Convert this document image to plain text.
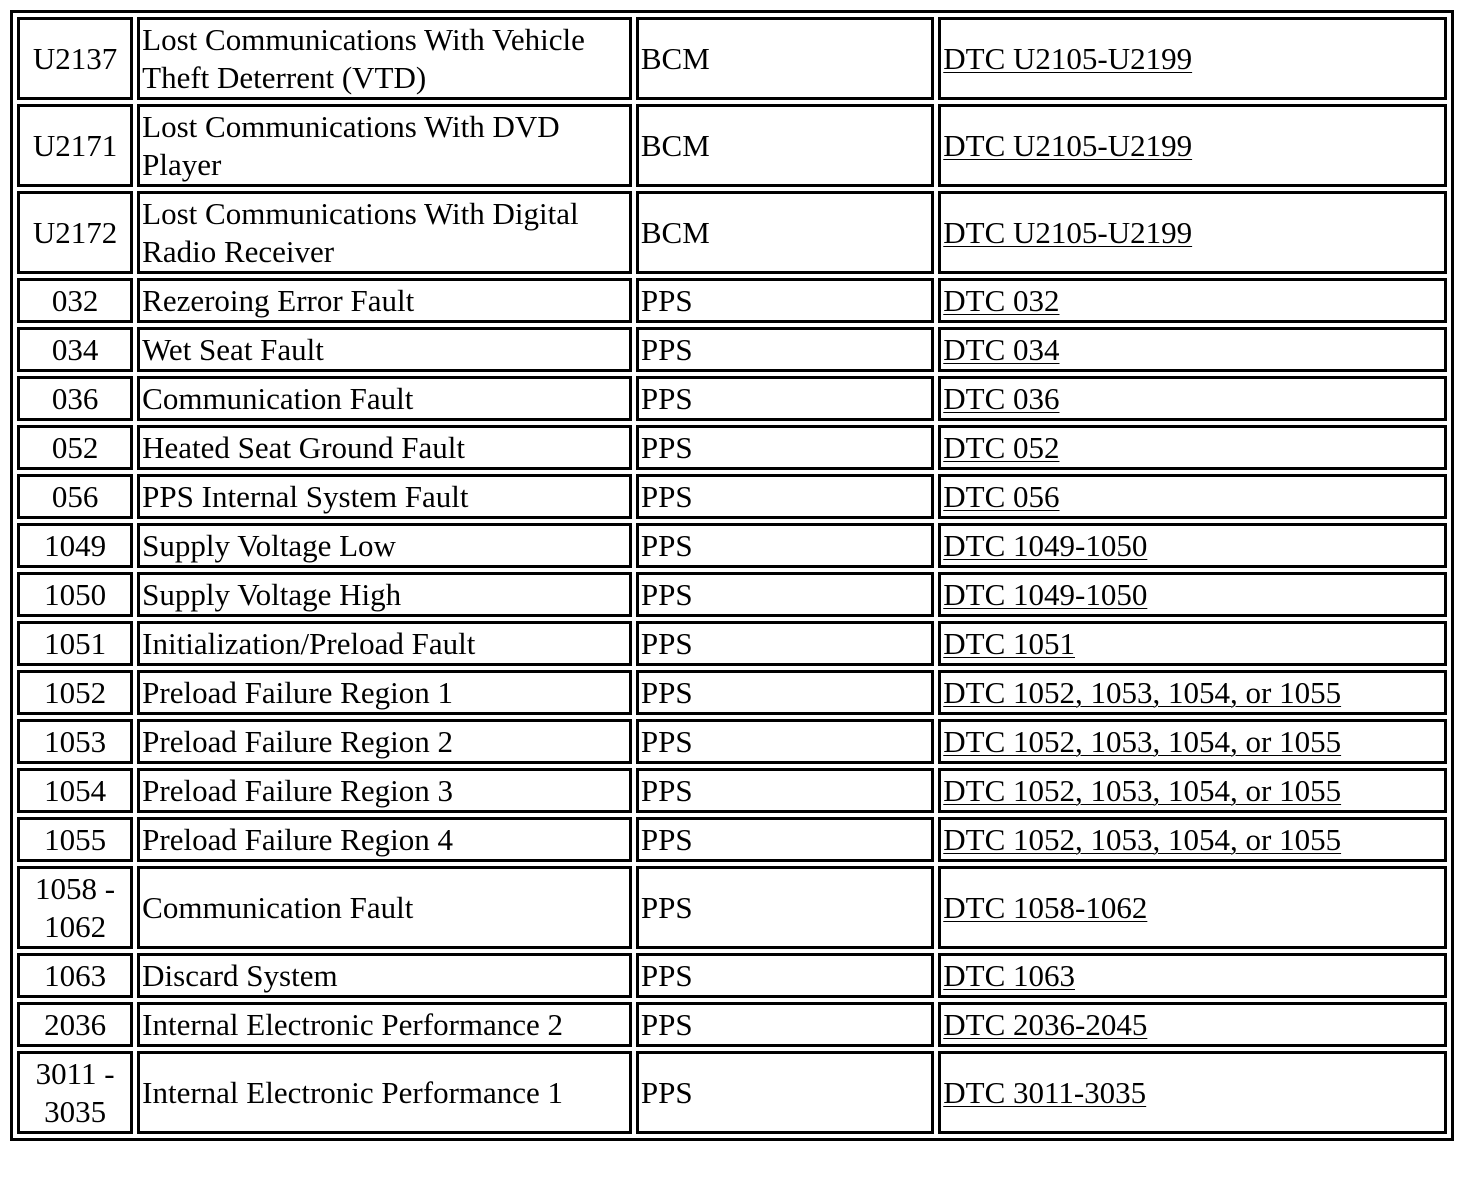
U2137	Lost Communications With Vehicle Theft Deterrent (VTD)	BCM	DTC U2105-U2199
U2171	Lost Communications With DVD Player	BCM	DTC U2105-U2199
U2172	Lost Communications With Digital Radio Receiver	BCM	DTC U2105-U2199
032	Rezeroing Error Fault	PPS	DTC 032
034	Wet Seat Fault	PPS	DTC 034
036	Communication Fault	PPS	DTC 036
052	Heated Seat Ground Fault	PPS	DTC 052
056	PPS Internal System Fault	PPS	DTC 056
1049	Supply Voltage Low	PPS	DTC 1049-1050
1050	Supply Voltage High	PPS	DTC 1049-1050
1051	Initialization/Preload Fault	PPS	DTC 1051
1052	Preload Failure Region 1	PPS	DTC 1052, 1053, 1054, or 1055
1053	Preload Failure Region 2	PPS	DTC 1052, 1053, 1054, or 1055
1054	Preload Failure Region 3	PPS	DTC 1052, 1053, 1054, or 1055
1055	Preload Failure Region 4	PPS	DTC 1052, 1053, 1054, or 1055
1058 - 1062	Communication Fault	PPS	DTC 1058-1062
1063	Discard System	PPS	DTC 1063
2036	Internal Electronic Performance 2	PPS	DTC 2036-2045
3011 - 3035	Internal Electronic Performance 1	PPS	DTC 3011-3035
